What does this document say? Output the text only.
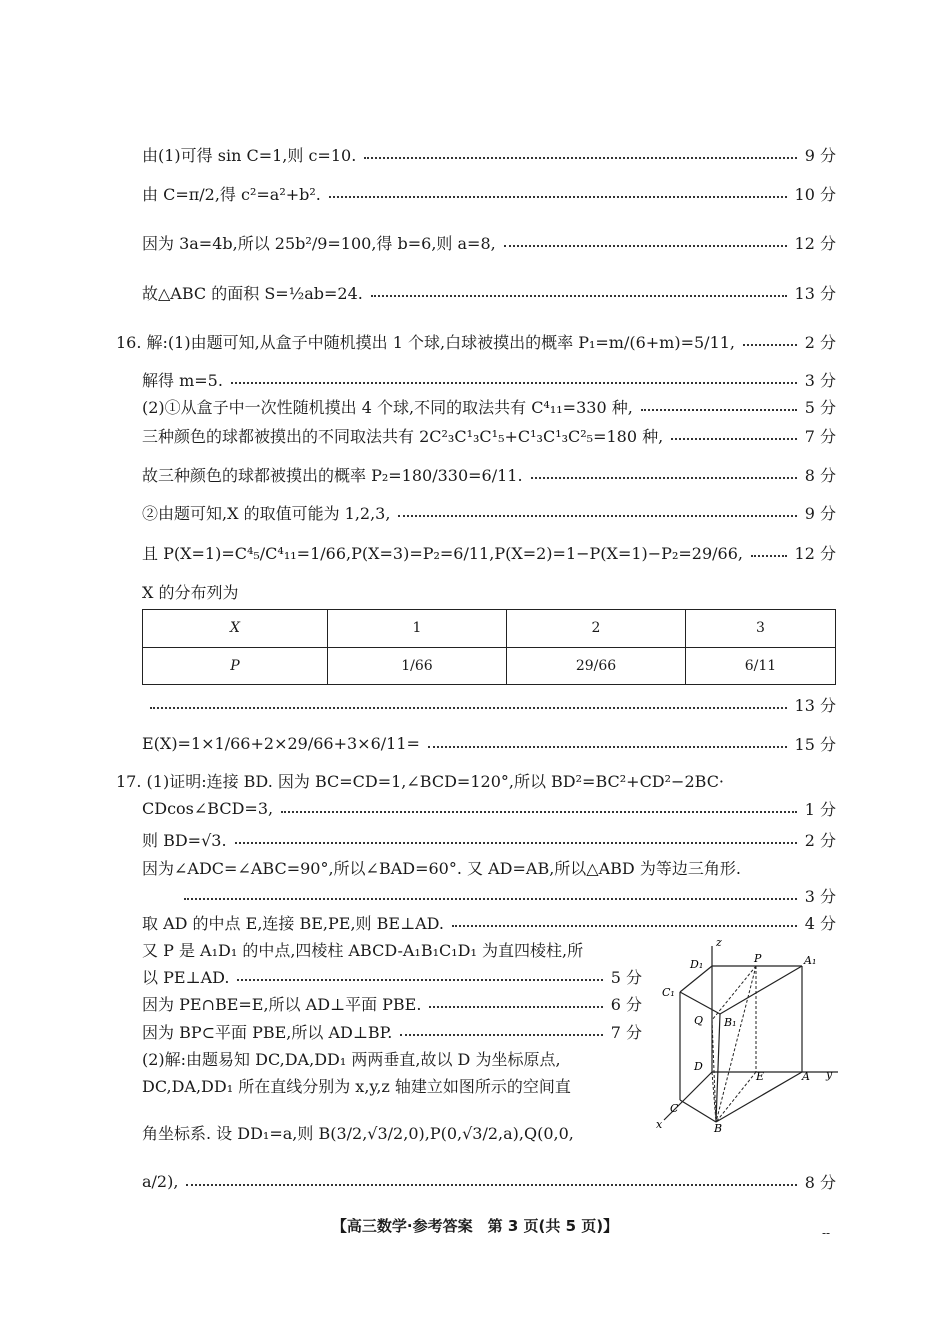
由(1)可得 sin C=1,则 c=10.	9 分
由 C=π/2,得 c²=a²+b².	10 分
因为 3a=4b,所以 25b²/9=100,得 b=6,则 a=8,	12 分
故△ABC 的面积 S=½ab=24.	13 分
16. 解:(1)由题可知,从盒子中随机摸出 1 个球,白球被摸出的概率 P₁=m/(6+m)=5/11,	2 分
解得 m=5.	3 分
(2)①从盒子中一次性随机摸出 4 个球,不同的取法共有 C⁴₁₁=330 种,	5 分
三种颜色的球都被摸出的不同取法共有 2C²₃C¹₃C¹₅+C¹₃C¹₃C²₅=180 种,	7 分
故三种颜色的球都被摸出的概率 P₂=180/330=6/11.	8 分
②由题可知,X 的取值可能为 1,2,3,	9 分
且 P(X=1)=C⁴₅/C⁴₁₁=1/66,P(X=3)=P₂=6/11,P(X=2)=1−P(X=1)−P₂=29/66,	12 分
X 的分布列为
X	1	2	3
P	1/66	29/66	6/11
13 分
E(X)=1×1/66+2×29/66+3×6/11=	15 分
17. (1)证明:连接 BD. 因为 BC=CD=1,∠BCD=120°,所以 BD²=BC²+CD²−2BC·
CDcos∠BCD=3,	1 分
则 BD=√3.	2 分
因为∠ADC=∠ABC=90°,所以∠BAD=60°. 又 AD=AB,所以△ABD 为等边三角形.
3 分
取 AD 的中点 E,连接 BE,PE,则 BE⊥AD.	4 分
又 P 是 A₁D₁ 的中点,四棱柱 ABCD-A₁B₁C₁D₁ 为直四棱柱,所
以 PE⊥AD.	5 分
因为 PE∩BE=E,所以 AD⊥平面 PBE.	6 分
因为 BP⊂平面 PBE,所以 AD⊥BP.	7 分
(2)解:由题易知 DC,DA,DD₁ 两两垂直,故以 D 为坐标原点,
DC,DA,DD₁ 所在直线分别为 x,y,z 轴建立如图所示的空间直
角坐标系. 设 DD₁=a,则 B(3/2,√3/2,0),P(0,√3/2,a),Q(0,0,
a/2),	8 分
z
D₁	P	A₁
C₁
Q B₁
D
E	A y
C
x	B
【高三数学·参考答案　第 3 页(共 5 页)】	--
